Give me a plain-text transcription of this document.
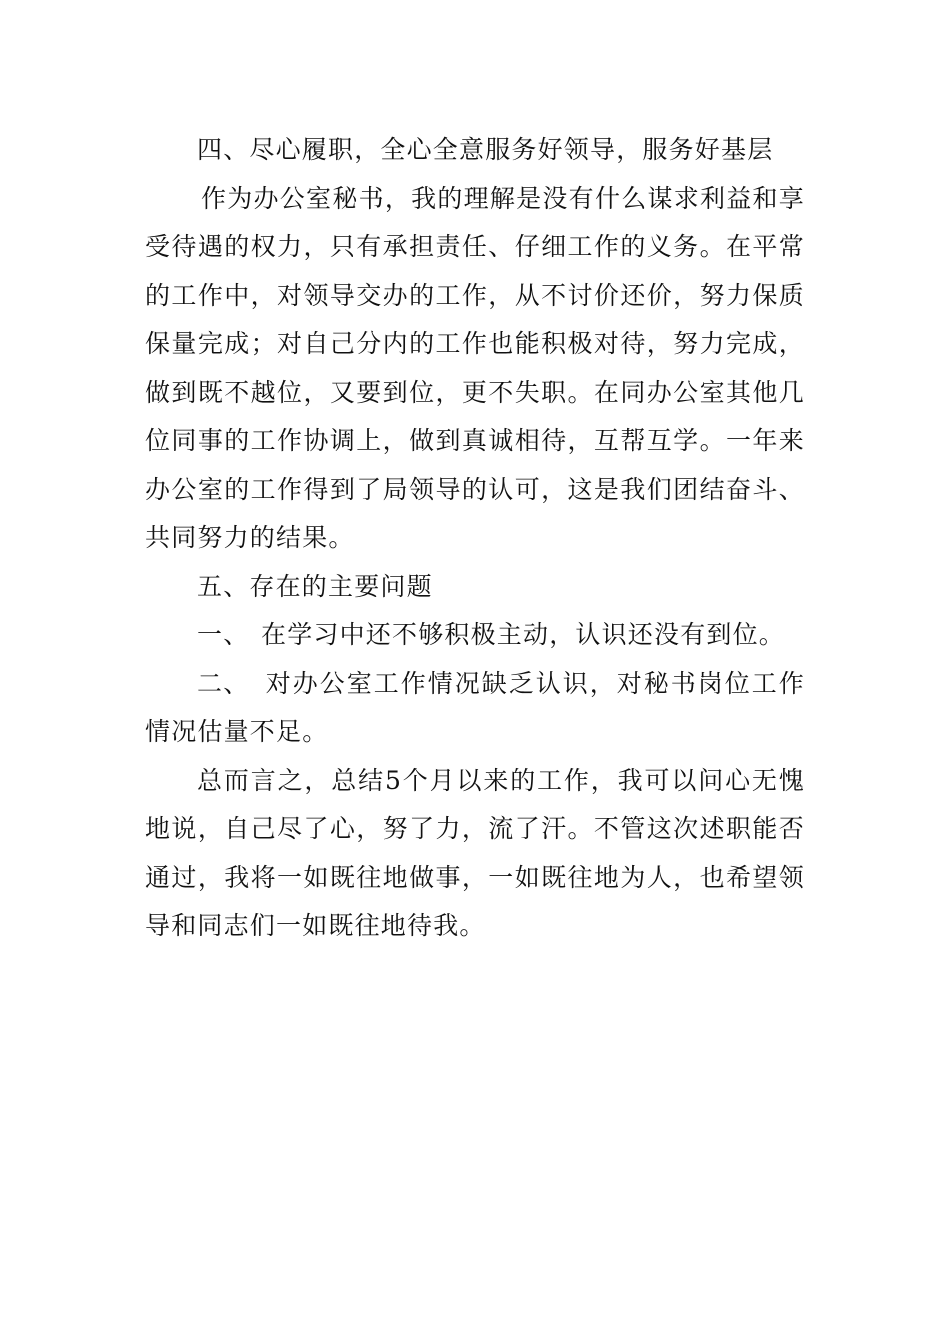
四、尽心履职，全心全意服务好领导，服务好基层

作为办公室秘书，我的理解是没有什么谋求利益和享受待遇的权力，只有承担责任、仔细工作的义务。在平常的工作中，对领导交办的工作，从不讨价还价，努力保质保量完成；对自己分内的工作也能积极对待，努力完成，做到既不越位，又要到位，更不失职。在同办公室其他几位同事的工作协调上，做到真诚相待，互帮互学。一年来办公室的工作得到了局领导的认可，这是我们团结奋斗、共同努力的结果。

五、存在的主要问题

一、 在学习中还不够积极主动，认识还没有到位。

二、 对办公室工作情况缺乏认识，对秘书岗位工作情况估量不足。

总而言之，总结5个月以来的工作，我可以问心无愧地说，自己尽了心，努了力，流了汗。不管这次述职能否通过，我将一如既往地做事，一如既往地为人，也希望领导和同志们一如既往地待我。
